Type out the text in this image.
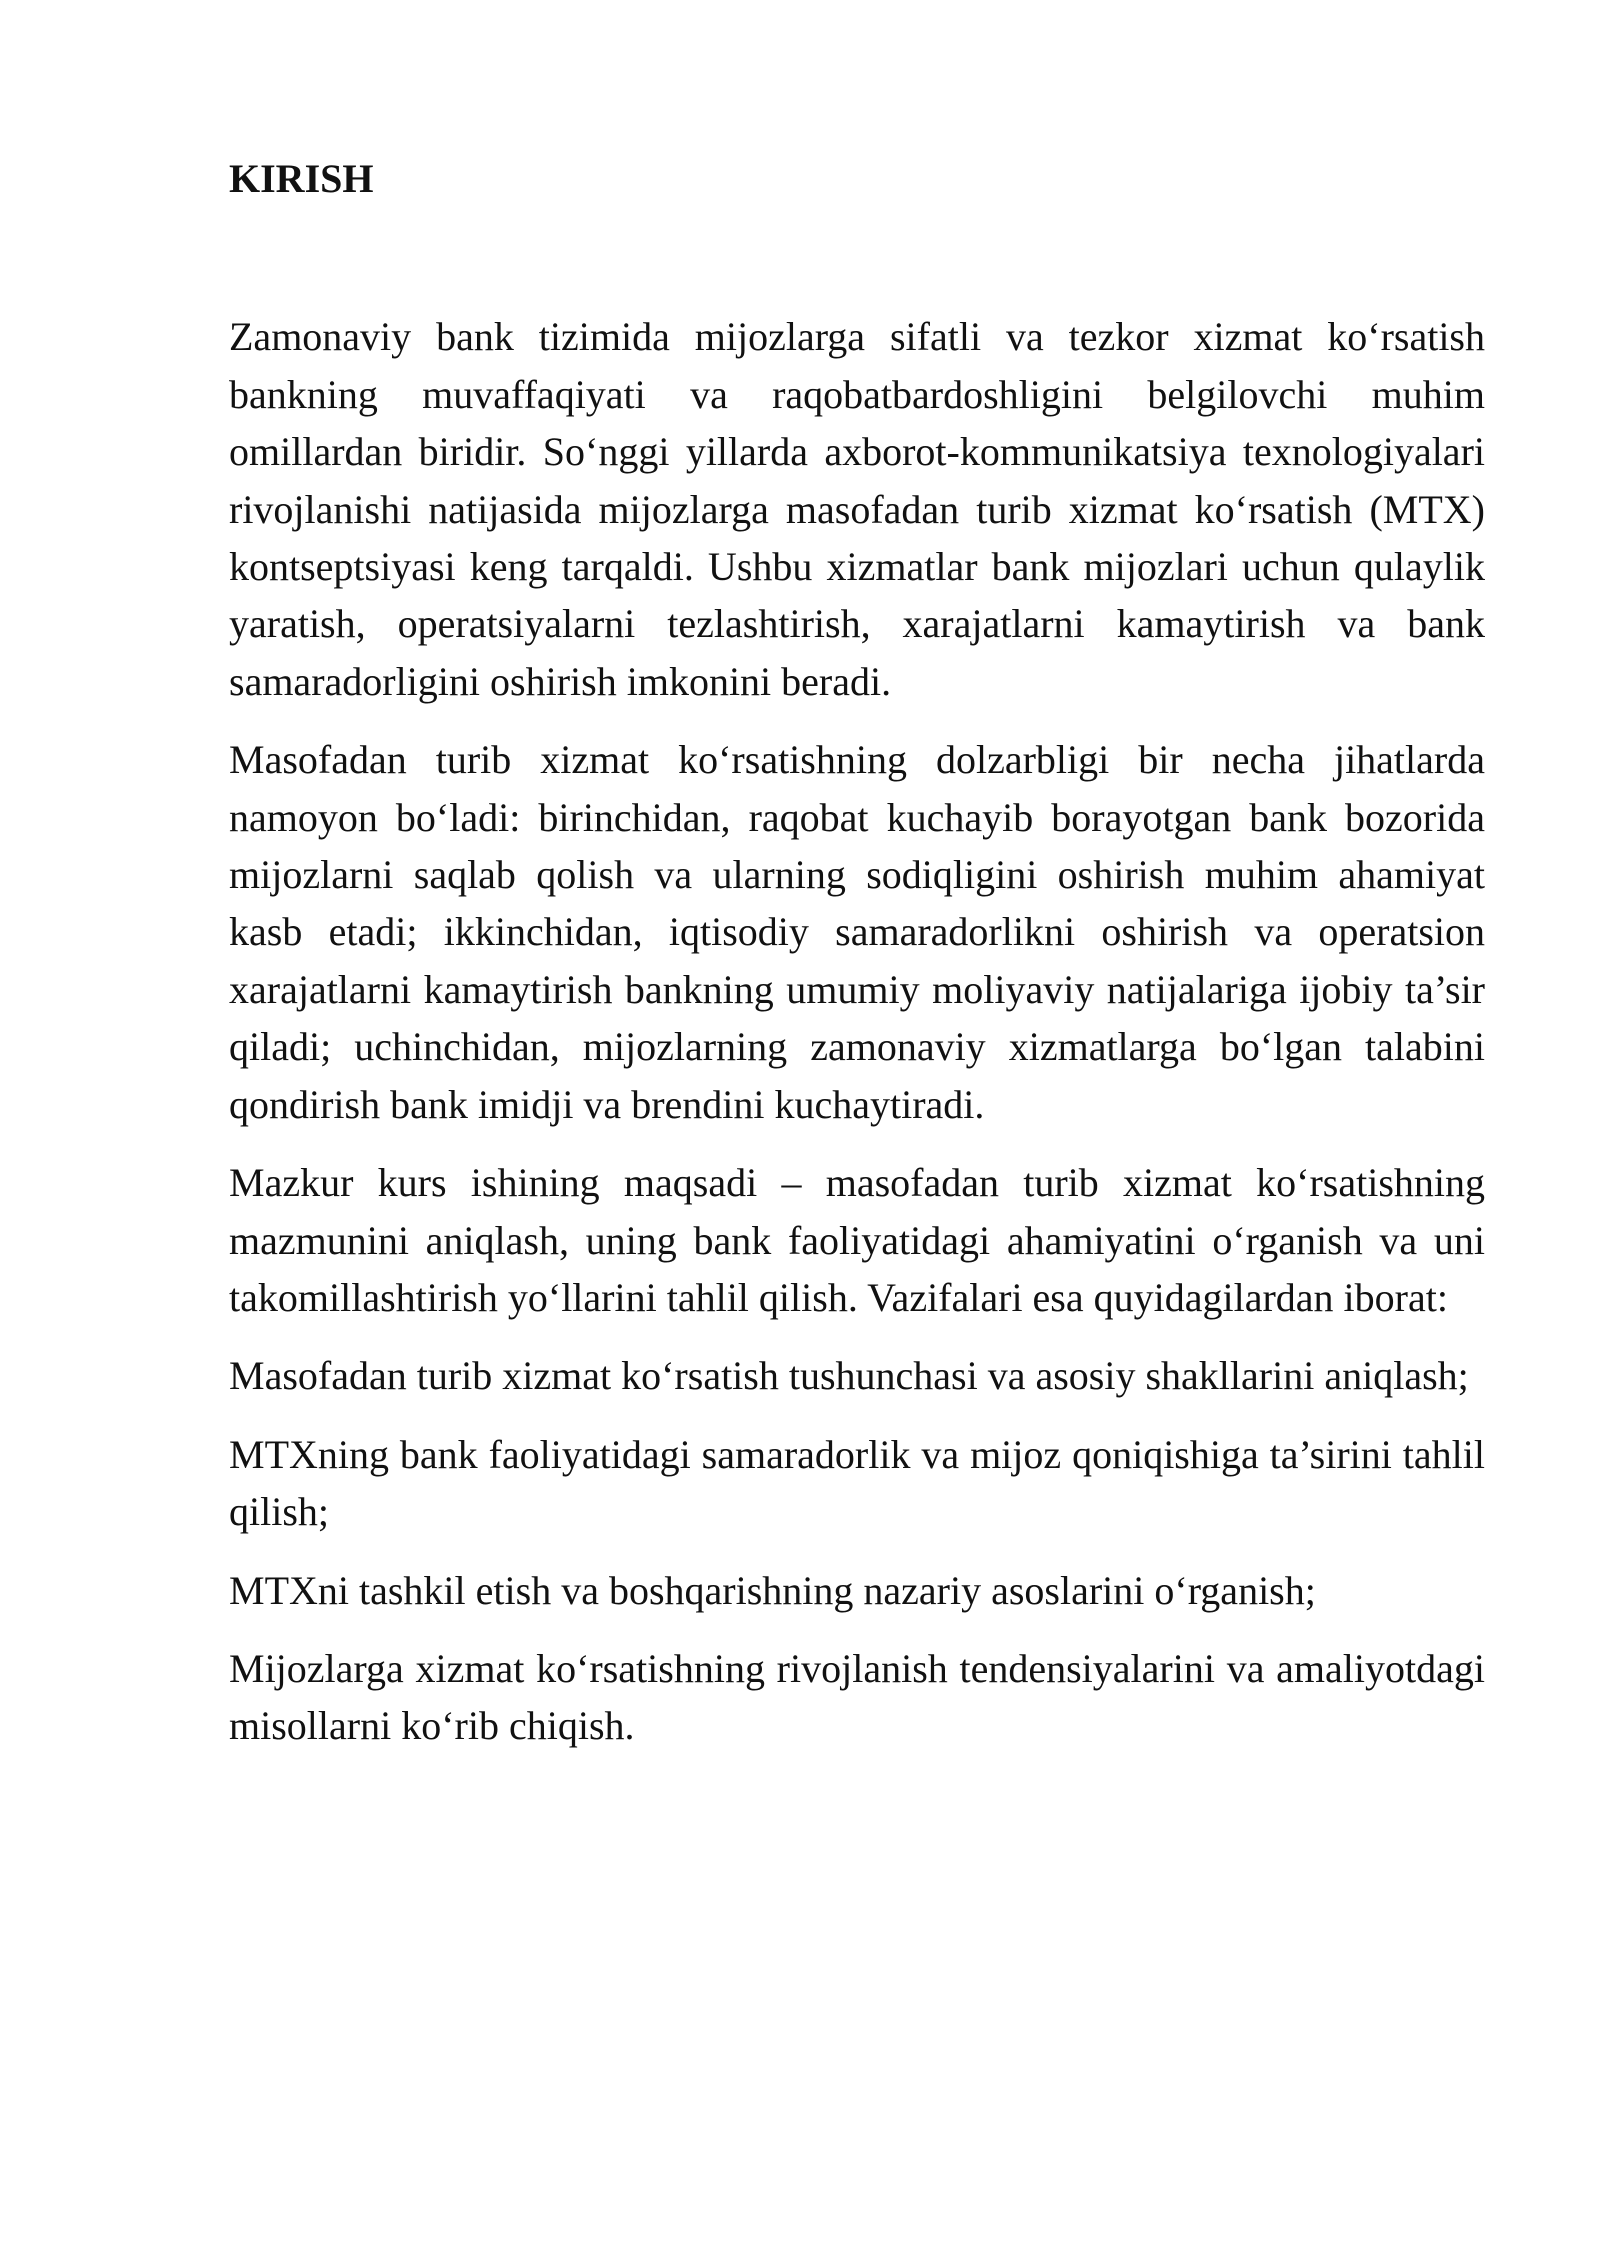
KIRISH

Zamonaviy bank tizimida mijozlarga sifatli va tezkor xizmat ko‘rsatish bankning muvaffaqiyati va raqobatbardoshligini belgilovchi muhim omillardan biridir. So‘nggi yillarda axborot-kommunikatsiya texnologiyalari rivojlanishi natijasida mijozlarga masofadan turib xizmat ko‘rsatish (MTX) kontseptsiyasi keng tarqaldi. Ushbu xizmatlar bank mijozlari uchun qulaylik yaratish, operatsiyalarni tezlashtirish, xarajatlarni kamaytirish va bank samaradorligini oshirish imkonini beradi.

Masofadan turib xizmat ko‘rsatishning dolzarbligi bir necha jihatlarda namoyon bo‘ladi: birinchidan, raqobat kuchayib borayotgan bank bozorida mijozlarni saqlab qolish va ularning sodiqligini oshirish muhim ahamiyat kasb etadi; ikkinchidan, iqtisodiy samaradorlikni oshirish va operatsion xarajatlarni kamaytirish bankning umumiy moliyaviy natijalariga ijobiy ta’sir qiladi; uchinchidan, mijozlarning zamonaviy xizmatlarga bo‘lgan talabini qondirish bank imidji va brendini kuchaytiradi.

Mazkur kurs ishining maqsadi – masofadan turib xizmat ko‘rsatishning mazmunini aniqlash, uning bank faoliyatidagi ahamiyatini o‘rganish va uni takomillashtirish yo‘llarini tahlil qilish. Vazifalari esa quyidagilardan iborat:

Masofadan turib xizmat ko‘rsatish tushunchasi va asosiy shakllarini aniqlash;

MTXning bank faoliyatidagi samaradorlik va mijoz qoniqishiga ta’sirini tahlil qilish;

MTXni tashkil etish va boshqarishning nazariy asoslarini o‘rganish;

Mijozlarga xizmat ko‘rsatishning rivojlanish tendensiyalarini va amaliyotdagi misollarni ko‘rib chiqish.
